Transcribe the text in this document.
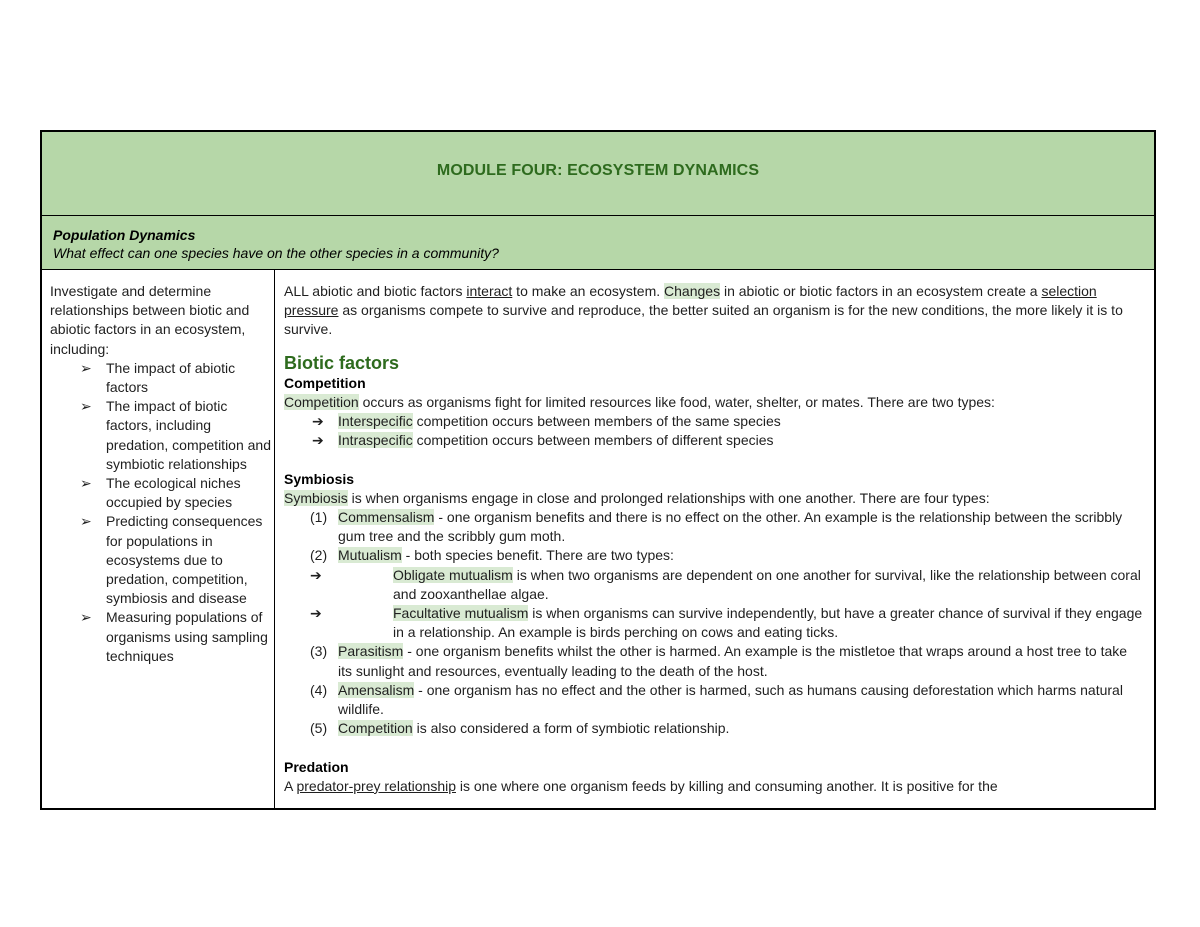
MODULE FOUR: ECOSYSTEM DYNAMICS
Population Dynamics
What effect can one species have on the other species in a community?
Investigate and determine relationships between biotic and abiotic factors in an ecosystem, including:
➢ The impact of abiotic factors
➢ The impact of biotic factors, including predation, competition and symbiotic relationships
➢ The ecological niches occupied by species
➢ Predicting consequences for populations in ecosystems due to predation, competition, symbiosis and disease
➢ Measuring populations of organisms using sampling techniques
ALL abiotic and biotic factors interact to make an ecosystem. Changes in abiotic or biotic factors in an ecosystem create a selection pressure as organisms compete to survive and reproduce, the better suited an organism is for the new conditions, the more likely it is to survive.
Biotic factors
Competition
Competition occurs as organisms fight for limited resources like food, water, shelter, or mates. There are two types:
➔ Interspecific competition occurs between members of the same species
➔ Intraspecific competition occurs between members of different species
Symbiosis
Symbiosis is when organisms engage in close and prolonged relationships with one another. There are four types:
(1) Commensalism - one organism benefits and there is no effect on the other. An example is the relationship between the scribbly gum tree and the scribbly gum moth.
(2) Mutualism - both species benefit. There are two types:
➔	Obligate mutualism is when two organisms are dependent on one another for survival, like the relationship between coral and zooxanthellae algae.
➔	Facultative mutualism is when organisms can survive independently, but have a greater chance of survival if they engage in a relationship. An example is birds perching on cows and eating ticks.
(3) Parasitism - one organism benefits whilst the other is harmed. An example is the mistletoe that wraps around a host tree to take its sunlight and resources, eventually leading to the death of the host.
(4) Amensalism - one organism has no effect and the other is harmed, such as humans causing deforestation which harms natural wildlife.
(5) Competition is also considered a form of symbiotic relationship.
Predation
A predator-prey relationship is one where one organism feeds by killing and consuming another. It is positive for the
